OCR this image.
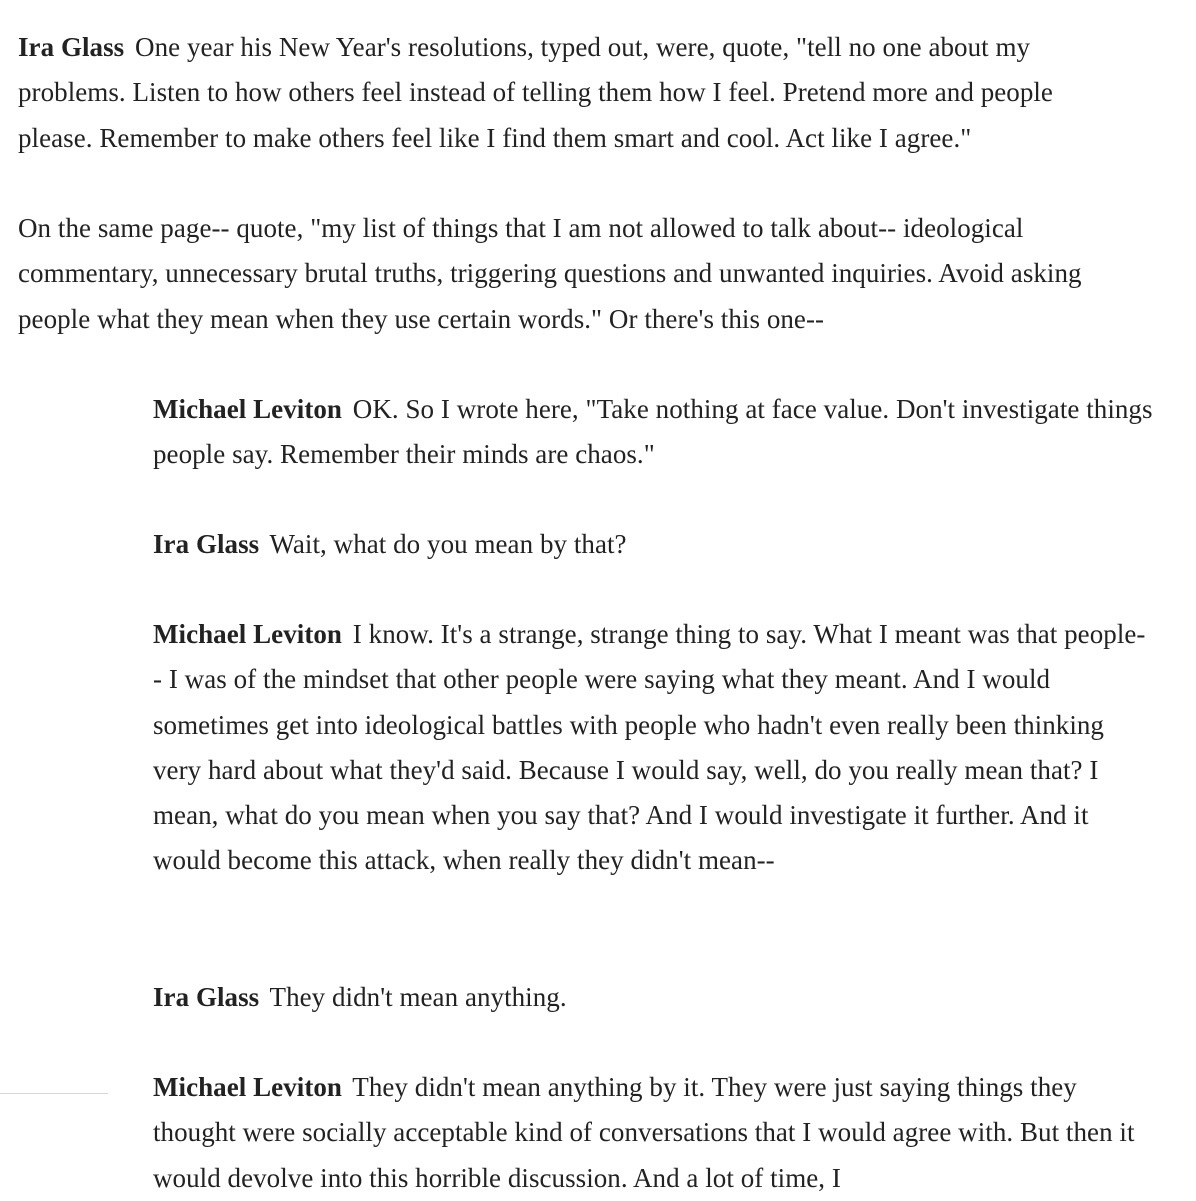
Ira Glass One year his New Year's resolutions, typed out, were, quote, "tell no one about my problems. Listen to how others feel instead of telling them how I feel. Pretend more and people please. Remember to make others feel like I find them smart and cool. Act like I agree."

On the same page-- quote, "my list of things that I am not allowed to talk about-- ideological commentary, unnecessary brutal truths, triggering questions and unwanted inquiries. Avoid asking people what they mean when they use certain words." Or there's this one--

Michael Leviton OK. So I wrote here, "Take nothing at face value. Don't investigate things people say. Remember their minds are chaos."

Ira Glass Wait, what do you mean by that?

Michael Leviton I know. It's a strange, strange thing to say. What I meant was that people-- I was of the mindset that other people were saying what they meant. And I would sometimes get into ideological battles with people who hadn't even really been thinking very hard about what they'd said. Because I would say, well, do you really mean that? I mean, what do you mean when you say that? And I would investigate it further. And it would become this attack, when really they didn't mean--

Ira Glass They didn't mean anything.

Michael Leviton They didn't mean anything by it. They were just saying things they thought were socially acceptable kind of conversations that I would agree with. But then it would devolve into this horrible discussion. And a lot of time, I
